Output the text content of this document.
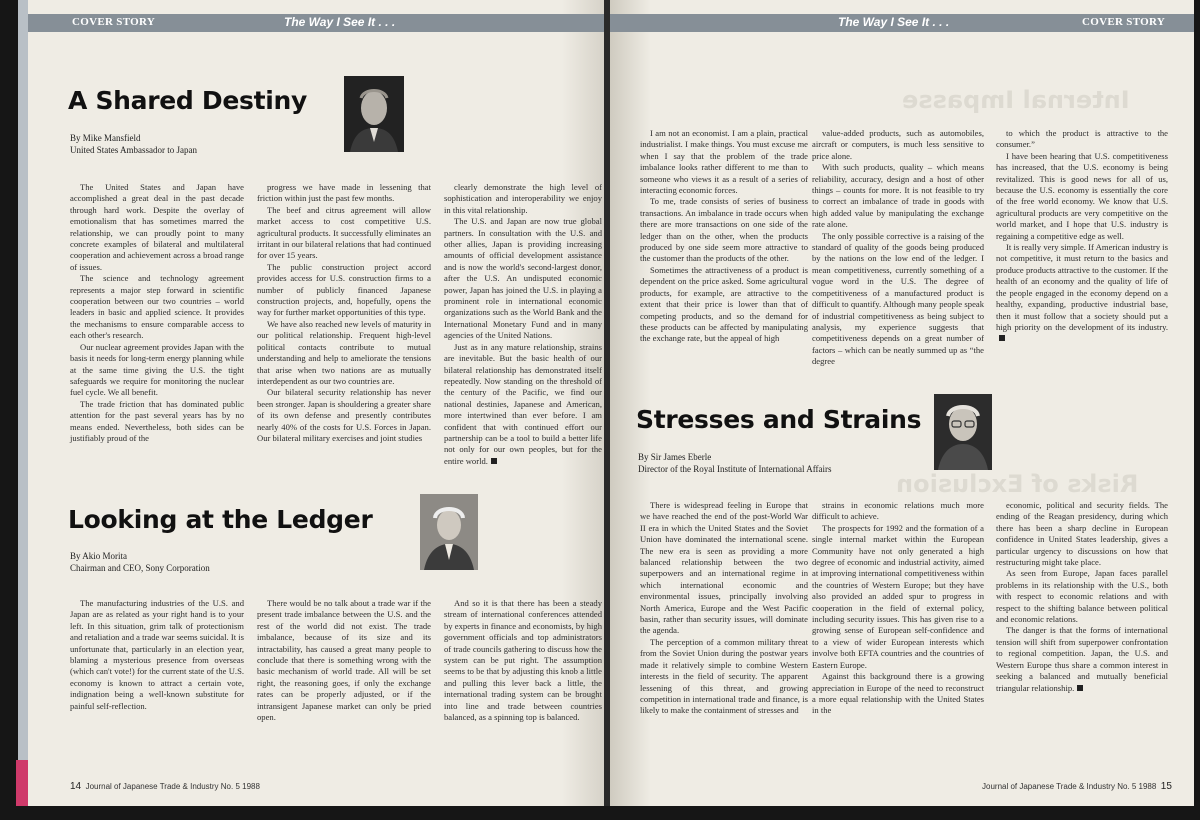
COVER STORY	The Way I See It . . .
A Shared Destiny
By Mike Mansfield
United States Ambassador to Japan

The United States and Japan have accomplished a great deal in the past decade through hard work. Despite the overlay of emotionalism that has sometimes marred the relationship, we can proudly point to many concrete examples of bilateral and multilateral cooperation and achievement across a broad range of issues.

The science and technology agreement represents a major step forward in scientific cooperation between our two countries – world leaders in basic and applied science. It provides the mechanisms to ensure comparable access to each other's research.

Our nuclear agreement provides Japan with the basis it needs for long-term energy planning while at the same time giving the U.S. the tight safeguards we require for monitoring the nuclear fuel cycle. We all benefit.

The trade friction that has dominated public attention for the past several years has by no means ended. Nevertheless, both sides can be justifiably proud of the

progress we have made in lessening that friction within just the past few months.

The beef and citrus agreement will allow market access to cost competitive U.S. agricultural products. It successfully eliminates an irritant in our bilateral relations that had continued for over 15 years.

The public construction project accord provides access for U.S. construction firms to a number of publicly financed Japanese construction projects, and, hopefully, opens the way for further market opportunities of this type.

We have also reached new levels of maturity in our political relationship. Frequent high-level political contacts contribute to mutual understanding and help to ameliorate the tensions that arise when two nations are as mutually interdependent as our two countries are.

Our bilateral security relationship has never been stronger. Japan is shouldering a greater share of its own defense and presently contributes nearly 40% of the costs for U.S. Forces in Japan. Our bilateral military exercises and joint studies

clearly demonstrate the high level of sophistication and interoperability we enjoy in this vital relationship.

The U.S. and Japan are now true global partners. In consultation with the U.S. and other allies, Japan is providing increasing amounts of official development assistance and is now the world's second-largest donor, after the U.S. An undisputed economic power, Japan has joined the U.S. in playing a prominent role in international economic organizations such as the World Bank and the International Monetary Fund and in many agencies of the United Nations.

Just as in any mature relationship, strains are inevitable. But the basic health of our bilateral relationship has demonstrated itself repeatedly. Now standing on the threshold of the century of the Pacific, we find our national destinies, Japanese and American, more intertwined than ever before. I am confident that with continued effort our partnership can be a tool to build a better life not only for our own peoples, but for the entire world.

Looking at the Ledger
By Akio Morita
Chairman and CEO, Sony Corporation

The manufacturing industries of the U.S. and Japan are as related as your right hand is to your left. In this situation, grim talk of protectionism and retaliation and a trade war seems suicidal. It is unfortunate that, particularly in an election year, blaming a mysterious presence from overseas (which can't vote!) for the current state of the U.S. economy is known to attract a certain vote, indignation being a well-known substitute for painful self-reflection.

There would be no talk about a trade war if the present trade imbalance between the U.S. and the rest of the world did not exist. The trade imbalance, because of its size and its intractability, has caused a great many people to conclude that there is something wrong with the basic mechanism of world trade. All will be set right, the reasoning goes, if only the exchange rates can be properly adjusted, or if the intransigent Japanese market can only be pried open.

And so it is that there has been a steady stream of international conferences attended by experts in finance and economists, by high government officials and top administrators of trade councils gathering to discuss how the system can be put right. The assumption seems to be that by adjusting this knob a little and pulling this lever back a little, the international trading system can be brought into line and trade between countries balanced, as a spinning top is balanced.

14 Journal of Japanese Trade & Industry No. 5 1988
The Way I See It . . .	COVER STORY
Internal Impasse
Risks of Exclusion

I am not an economist. I am a plain, practical industrialist. I make things. You must excuse me when I say that the problem of the trade imbalance looks rather different to me than to someone who views it as a result of a series of interacting economic forces.

To me, trade consists of series of business transactions. An imbalance in trade occurs when there are more transactions on one side of the ledger than on the other, when the products produced by one side seem more attractive to the customer than the products of the other.

Sometimes the attractiveness of a product is dependent on the price asked. Some agricultural products, for example, are attractive to the extent that their price is lower than that of competing products, and so the demand for these products can be affected by manipulating the exchange rate, but the appeal of high

value-added products, such as automobiles, aircraft or computers, is much less sensitive to price alone.

With such products, quality – which means reliability, accuracy, design and a host of other things – counts for more. It is not feasible to try to correct an imbalance of trade in goods with high added value by manipulating the exchange rate alone.

The only possible corrective is a raising of the standard of quality of the goods being produced by the nations on the low end of the ledger. I mean competitiveness, currently something of a vogue word in the U.S. The degree of competitiveness of a manufactured product is difficult to quantify. Although many people speak of industrial competitiveness as being subject to analysis, my experience suggests that competitiveness depends on a great number of factors – which can be neatly summed up as “the degree

to which the product is attractive to the consumer.”

I have been hearing that U.S. competitiveness has increased, that the U.S. economy is being revitalized. This is good news for all of us, because the U.S. economy is essentially the core of the free world economy. We know that U.S. agricultural products are very competitive on the world market, and I hope that U.S. industry is regaining a competitive edge as well.

It is really very simple. If American industry is not competitive, it must return to the basics and produce products attractive to the customer. If the health of an economy and the quality of life of the people engaged in the economy depend on a healthy, expanding, productive industrial base, then it must follow that a society should put a high priority on the development of its industry.

Stresses and Strains
By Sir James Eberle
Director of the Royal Institute of International Affairs

There is widespread feeling in Europe that we have reached the end of the post-World War II era in which the United States and the Soviet Union have dominated the international scene. The new era is seen as providing a more balanced relationship between the two superpowers and an international regime in which international economic and environmental issues, principally involving North America, Europe and the West Pacific basin, rather than security issues, will dominate the agenda.

The perception of a common military threat from the Soviet Union during the postwar years made it relatively simple to combine Western interests in the field of security. The apparent lessening of this threat, and growing competition in international trade and finance, is likely to make the containment of stresses and

strains in economic relations much more difficult to achieve.

The prospects for 1992 and the formation of a single internal market within the European Community have not only generated a high degree of economic and industrial activity, aimed at improving international competitiveness within the countries of Western Europe; but they have also provided an added spur to progress in cooperation in the field of external policy, including security issues. This has given rise to a growing sense of European self-confidence and to a view of wider European interests which involve both EFTA countries and the countries of Eastern Europe.

Against this background there is a growing appreciation in Europe of the need to reconstruct a more equal relationship with the United States in the

economic, political and security fields. The ending of the Reagan presidency, during which there has been a sharp decline in European confidence in United States leadership, gives a particular urgency to discussions on how that restructuring might take place.

As seen from Europe, Japan faces parallel problems in its relationship with the U.S., both with respect to economic relations and with respect to the shifting balance between political and economic relations.

The danger is that the forms of international tension will shift from superpower confrontation to regional competition. Japan, the U.S. and Western Europe thus share a common interest in seeking a balanced and mutually beneficial triangular relationship.

Journal of Japanese Trade & Industry No. 5 1988 15
